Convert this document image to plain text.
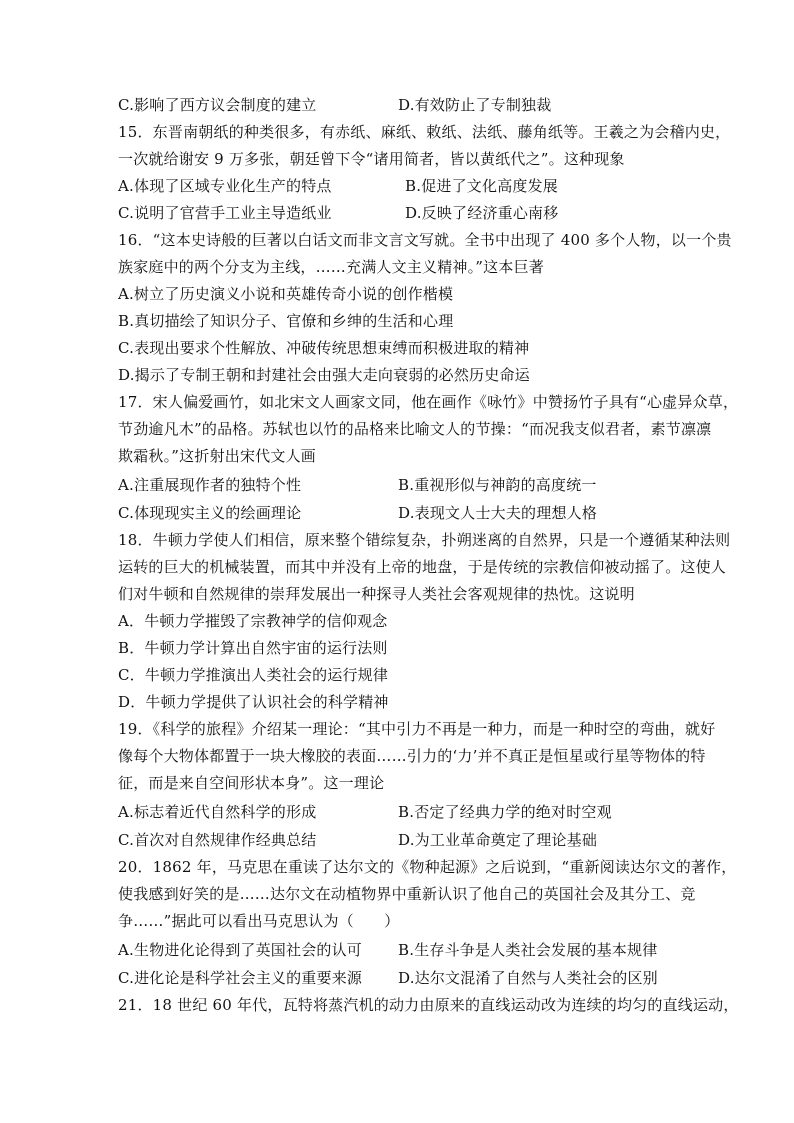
C.影响了西方议会制度的建立	D.有效防止了专制独裁
15．东晋南朝纸的种类很多，有赤纸、麻纸、敕纸、法纸、藤角纸等。王羲之为会稽内史，
一次就给谢安 9 万多张，朝廷曾下令“诸用简者，皆以黄纸代之”。这种现象
A.体现了区域专业化生产的特点	B.促进了文化高度发展
C.说明了官营手工业主导造纸业	D.反映了经济重心南移
16．“这本史诗般的巨著以白话文而非文言文写就。全书中出现了 400 多个人物，以一个贵
族家庭中的两个分支为主线，……充满人文主义精神。”这本巨著
A.树立了历史演义小说和英雄传奇小说的创作楷模
B.真切描绘了知识分子、官僚和乡绅的生活和心理
C.表现出要求个性解放、冲破传统思想束缚而积极进取的精神
D.揭示了专制王朝和封建社会由强大走向衰弱的必然历史命运
17．宋人偏爱画竹，如北宋文人画家文同，他在画作《咏竹》中赞扬竹子具有“心虚异众草，
节劲逾凡木”的品格。苏轼也以竹的品格来比喻文人的节操：“而况我支似君者，素节凛凛
欺霜秋。”这折射出宋代文人画
A.注重展现作者的独特个性	B.重视形似与神韵的高度统一
C.体现现实主义的绘画理论	D.表现文人士大夫的理想人格
18．牛顿力学使人们相信，原来整个错综复杂，扑朔迷离的自然界，只是一个遵循某种法则
运转的巨大的机械装置，而其中并没有上帝的地盘，于是传统的宗教信仰被动摇了。这使人
们对牛顿和自然规律的崇拜发展出一种探寻人类社会客观规律的热忱。这说明
A．牛顿力学摧毁了宗教神学的信仰观念
B．牛顿力学计算出自然宇宙的运行法则
C．牛顿力学推演出人类社会的运行规律
D．牛顿力学提供了认识社会的科学精神
19．《科学的旅程》介绍某一理论：“其中引力不再是一种力，而是一种时空的弯曲，就好
像每个大物体都置于一块大橡胶的表面……引力的‘力’并不真正是恒星或行星等物体的特
征，而是来自空间形状本身”。这一理论
A.标志着近代自然科学的形成	B.否定了经典力学的绝对时空观
C.首次对自然规律作经典总结	D.为工业革命奠定了理论基础
20．1862 年，马克思在重读了达尔文的《物种起源》之后说到，“重新阅读达尔文的著作，
使我感到好笑的是……达尔文在动植物界中重新认识了他自己的英国社会及其分工、竞
争……”据此可以看出马克思认为（　　）
A.生物进化论得到了英国社会的认可 B.生存斗争是人类社会发展的基本规律
C.进化论是科学社会主义的重要来源 D.达尔文混淆了自然与人类社会的区别
21．18 世纪 60 年代，瓦特将蒸汽机的动力由原来的直线运动改为连续的均匀的直线运动，
